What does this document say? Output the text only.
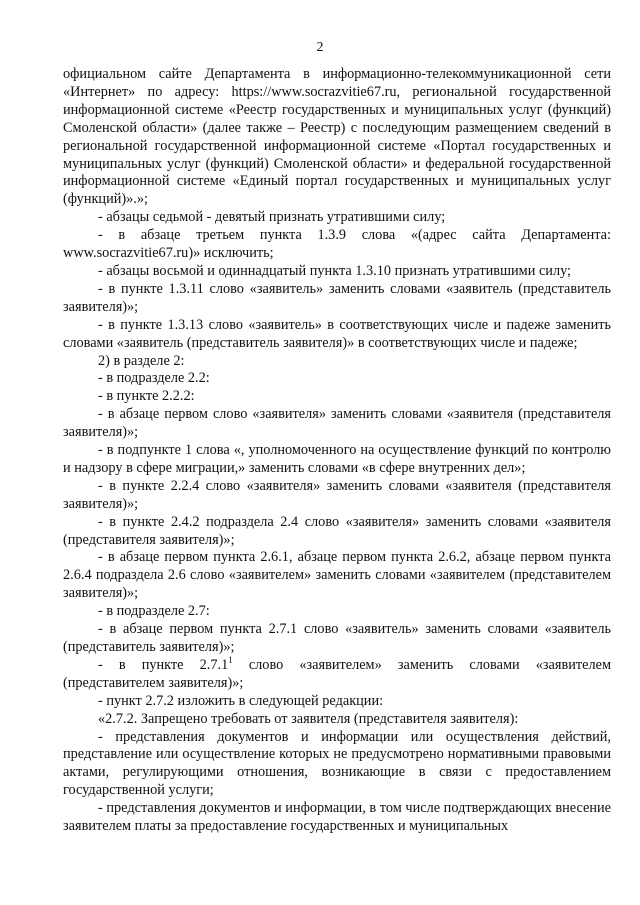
2

официальном сайте Департамента в информационно-телекоммуникационной сети «Интернет» по адресу: https://www.socrazvitie67.ru, региональной государственной информационной системе «Реестр государственных и муниципальных услуг (функций) Смоленской области» (далее также – Реестр) с последующим размещением сведений в региональной государственной информационной системе «Портал государственных и муниципальных услуг (функций) Смоленской области» и федеральной государственной информационной системе «Единый портал государственных и муниципальных услуг (функций)».»;

- абзацы седьмой - девятый признать утратившими силу;

- в абзаце третьем пункта 1.3.9 слова «(адрес сайта Департамента: www.socrazvitie67.ru)» исключить;

- абзацы восьмой и одиннадцатый пункта 1.3.10 признать утратившими силу;

- в пункте 1.3.11 слово «заявитель» заменить словами «заявитель (представитель заявителя)»;

- в пункте 1.3.13 слово «заявитель» в соответствующих числе и падеже заменить словами «заявитель (представитель заявителя)» в соответствующих числе и падеже;

2) в разделе 2:

- в подразделе 2.2:

- в пункте 2.2.2:

- в абзаце первом слово «заявителя» заменить словами «заявителя (представителя заявителя)»;

- в подпункте 1 слова «, уполномоченного на осуществление функций по контролю и надзору в сфере миграции,» заменить словами «в сфере внутренних дел»;

- в пункте 2.2.4 слово «заявителя» заменить словами «заявителя (представителя заявителя)»;

- в пункте 2.4.2 подраздела 2.4 слово «заявителя» заменить словами «заявителя (представителя заявителя)»;

- в абзаце первом пункта 2.6.1, абзаце первом пункта 2.6.2, абзаце первом пункта 2.6.4 подраздела 2.6 слово «заявителем» заменить словами «заявителем (представителем заявителя)»;

- в подразделе 2.7:

- в абзаце первом пункта 2.7.1 слово «заявитель» заменить словами «заявитель (представитель заявителя)»;

- в пункте 2.7.1$^1$ слово «заявителем» заменить словами «заявителем (представителем заявителя)»;

- пункт 2.7.2 изложить в следующей редакции:

«2.7.2. Запрещено требовать от заявителя (представителя заявителя):

- представления документов и информации или осуществления действий, представление или осуществление которых не предусмотрено нормативными правовыми актами, регулирующими отношения, возникающие в связи с предоставлением государственной услуги;

- представления документов и информации, в том числе подтверждающих внесение заявителем платы за предоставление государственных и муниципальных
